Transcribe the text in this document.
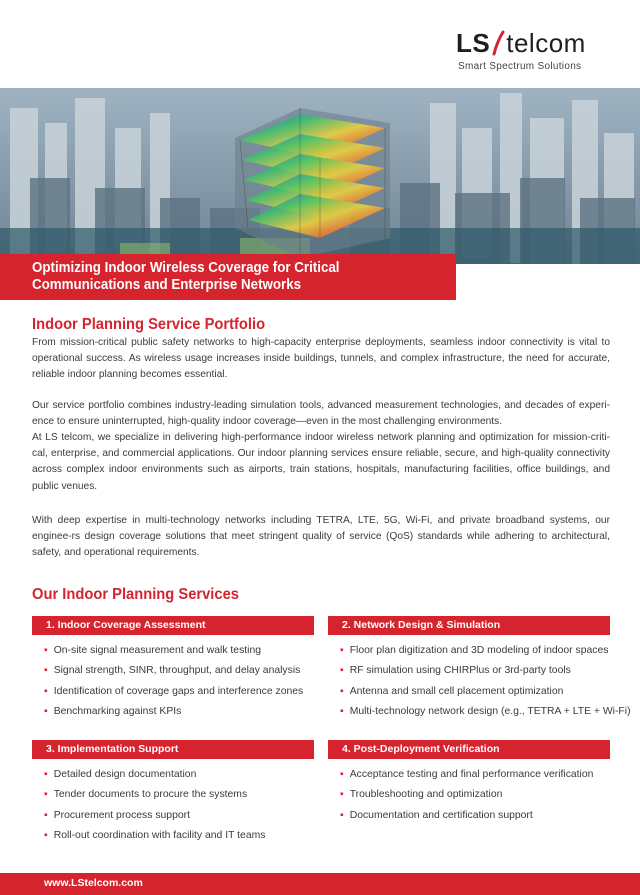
LS telcom
Smart Spectrum Solutions
Optimizing Indoor Wireless Coverage for Critical
Communications and Enterprise Networks
Indoor Planning Service Portfolio
From mission-critical public safety networks to high-capacity enterprise deployments, seamless indoor connectivity is vital to operational success. As wireless usage increases inside buildings, tunnels, and complex infrastructure, the need for accurate, reliable indoor planning becomes essential.
Our service portfolio combines industry-leading simulation tools, advanced measurement technologies, and decades of experi-ence to ensure uninterrupted, high-quality indoor coverage—even in the most challenging environments.
At LS telcom, we specialize in delivering high-performance indoor wireless network planning and optimization for mission-criti-cal, enterprise, and commercial applications. Our indoor planning services ensure reliable, secure, and high-quality connectivity across complex indoor environments such as airports, train stations, hospitals, manufacturing facilities, office buildings, and public venues.
With deep expertise in multi-technology networks including TETRA, LTE, 5G, Wi-Fi, and private broadband systems, our enginee-rs design coverage solutions that meet stringent quality of service (QoS) standards while adhering to architectural, safety, and operational requirements.
Our Indoor Planning Services
1. Indoor Coverage Assessment
▪ On-site signal measurement and walk testing
▪ Signal strength, SINR, throughput, and delay analysis
▪ Identification of coverage gaps and interference zones
▪ Benchmarking against KPIs
2. Network Design & Simulation
▪ Floor plan digitization and 3D modeling of indoor spaces
▪ RF simulation using CHIRPlus or 3rd-party tools
▪ Antenna and small cell placement optimization
▪ Multi-technology network design (e.g., TETRA + LTE + Wi-Fi)
3. Implementation Support
▪ Detailed design documentation
▪ Tender documents to procure the systems
▪ Procurement process support
▪ Roll-out coordination with facility and IT teams
4. Post-Deployment Verification
▪ Acceptance testing and final performance verification
▪ Troubleshooting and optimization
▪ Documentation and certification support
www.LStelcom.com
